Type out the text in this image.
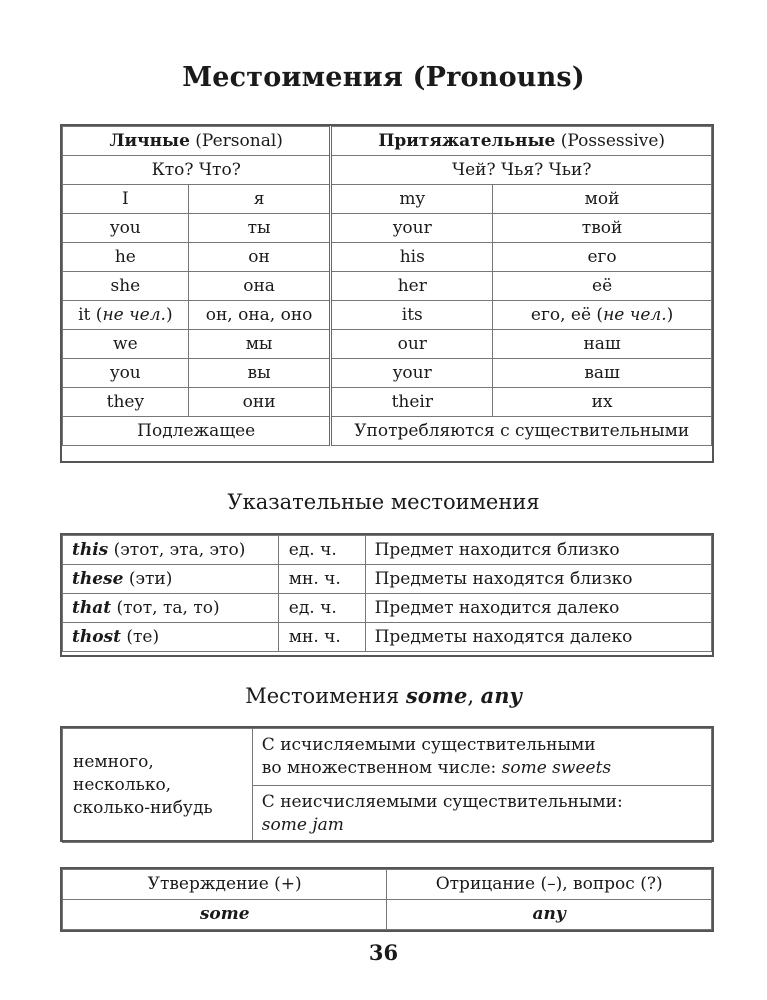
Местоимения (Pronouns)
Личные (Personal)		Притяжательные (Possessive)	
Кто? Что?		Чей? Чья? Чьи?	
I	я	my	мой
you	ты	your	твой
he	он	his	его
she	она	her	её
it (не чел.)	он, она, оно	its	его, её (не чел.)
we	мы	our	наш
you	вы	your	ваш
they	они	their	их
Подлежащее		Употребляются с существительными	
Указательные местоимения
this (этот, эта, это)	ед. ч.	Предмет находится близко
these (эти)	мн. ч.	Предметы находятся близко
that (тот, та, то)	ед. ч.	Предмет находится далеко
thost (те)	мн. ч.	Предметы находятся далеко
Местоимения some, any
немного,
несколько,
сколько-нибудь

С исчисляемыми существительными
во множественном числе: some sweets

С неисчисляемыми существительными:
some jam
Утверждение (+)	Отрицание (–), вопрос (?)
some	any
36
